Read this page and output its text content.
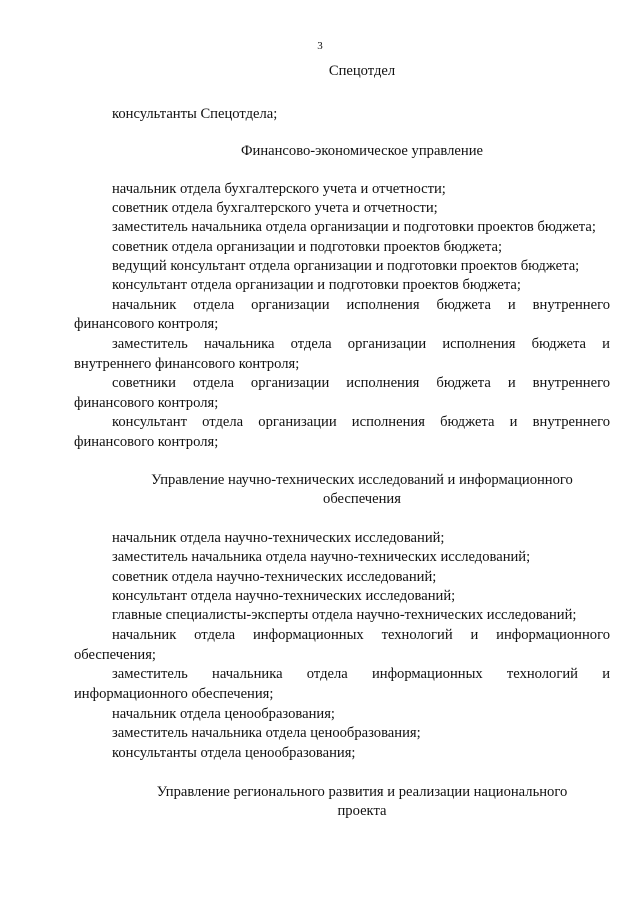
3
Спецотдел
консультанты Спецотдела;
Финансово-экономическое управление
начальник отдела бухгалтерского учета и отчетности;
советник отдела бухгалтерского учета и отчетности;
заместитель начальника отдела организации и подготовки проектов бюджета;
советник отдела организации и подготовки проектов бюджета;
ведущий консультант отдела организации и подготовки проектов бюджета;
консультант отдела организации и подготовки проектов бюджета;
начальник отдела организации исполнения бюджета и внутреннего
финансового контроля;
заместитель начальника отдела организации исполнения бюджета и
внутреннего финансового контроля;
советники отдела организации исполнения бюджета и внутреннего
финансового контроля;
консультант отдела организации исполнения бюджета и внутреннего
финансового контроля;
Управление научно-технических исследований и информационного
обеспечения
начальник отдела научно-технических исследований;
заместитель начальника отдела научно-технических исследований;
советник отдела научно-технических исследований;
консультант отдела научно-технических исследований;
главные специалисты-эксперты отдела научно-технических исследований;
начальник отдела информационных технологий и информационного
обеспечения;
заместитель начальника отдела информационных технологий и
информационного обеспечения;
начальник отдела ценообразования;
заместитель начальника отдела ценообразования;
консультанты отдела ценообразования;
Управление регионального развития и реализации национального
проекта
